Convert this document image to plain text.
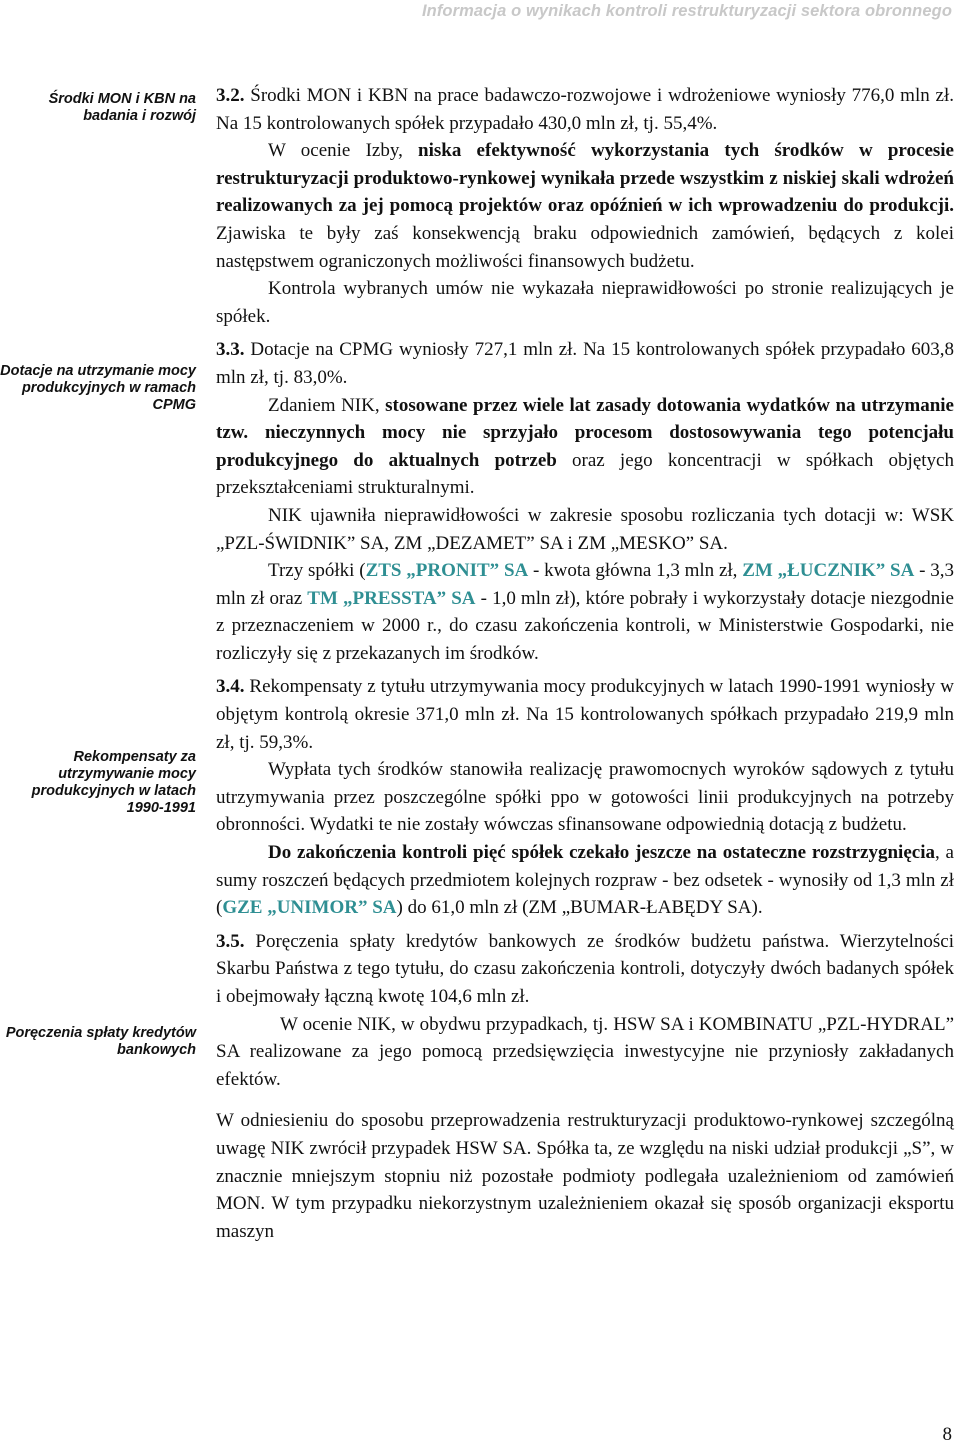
Informacja o wynikach kontroli restrukturyzacji sektora obronnego
Środki MON i KBN na badania i rozwój
Dotacje na utrzymanie mocy produkcyjnych w ramach CPMG
Rekompensaty za utrzymywanie mocy produkcyjnych w latach 1990-1991
Poręczenia spłaty kredytów bankowych

3.2. Środki MON i KBN na prace badawczo-rozwojowe i wdrożeniowe wyniosły 776,0 mln zł. Na 15 kontrolowanych spółek przypadało 430,0 mln zł, tj. 55,4%.

W ocenie Izby, niska efektywność wykorzystania tych środków w procesie restrukturyzacji produktowo-rynkowej wynikała przede wszystkim z niskiej skali wdrożeń realizowanych za jej pomocą projektów oraz opóźnień w ich wprowadzeniu do produkcji. Zjawiska te były zaś konsekwencją braku odpowiednich zamówień, będących z kolei następstwem ograniczonych możliwości finansowych budżetu.

Kontrola wybranych umów nie wykazała nieprawidłowości po stronie realizujących je spółek.

3.3. Dotacje na CPMG wyniosły 727,1 mln zł. Na 15 kontrolowanych spółek przypadało 603,8 mln zł, tj. 83,0%.

Zdaniem NIK, stosowane przez wiele lat zasady dotowania wydatków na utrzymanie tzw. nieczynnych mocy nie sprzyjało procesom dostosowywania tego potencjału produkcyjnego do aktualnych potrzeb oraz jego koncentracji w spółkach objętych przekształceniami strukturalnymi.

NIK ujawniła nieprawidłowości w zakresie sposobu rozliczania tych dotacji w: WSK „PZL-ŚWIDNIK” SA, ZM „DEZAMET” SA i ZM „MESKO” SA.

Trzy spółki (ZTS „PRONIT” SA - kwota główna 1,3 mln zł, ZM „ŁUCZNIK” SA - 3,3 mln zł oraz TM „PRESSTA” SA - 1,0 mln zł), które pobrały i wykorzystały dotacje niezgodnie z przeznaczeniem w 2000 r., do czasu zakończenia kontroli, w Ministerstwie Gospodarki, nie rozliczyły się z przekazanych im środków.

3.4. Rekompensaty z tytułu utrzymywania mocy produkcyjnych w latach 1990-1991 wyniosły w objętym kontrolą okresie 371,0 mln zł. Na 15 kontrolowanych spółkach przypadało 219,9 mln zł, tj. 59,3%.

Wypłata tych środków stanowiła realizację prawomocnych wyroków sądowych z tytułu utrzymywania przez poszczególne spółki ppo w gotowości linii produkcyjnych na potrzeby obronności. Wydatki te nie zostały wówczas sfinansowane odpowiednią dotacją z budżetu.

Do zakończenia kontroli pięć spółek czekało jeszcze na ostateczne rozstrzygnięcia, a sumy roszczeń będących przedmiotem kolejnych rozpraw - bez odsetek - wynosiły od 1,3 mln zł (GZE „UNIMOR” SA) do 61,0 mln zł (ZM „BUMAR-ŁABĘDY SA).

3.5. Poręczenia spłaty kredytów bankowych ze środków budżetu państwa. Wierzytelności Skarbu Państwa z tego tytułu, do czasu zakończenia kontroli, dotyczyły dwóch badanych spółek i obejmowały łączną kwotę 104,6 mln zł.

W ocenie NIK, w obydwu przypadkach, tj. HSW SA i KOMBINATU „PZL-HYDRAL” SA realizowane za jego pomocą przedsięwzięcia inwestycyjne nie przyniosły zakładanych efektów.

W odniesieniu do sposobu przeprowadzenia restrukturyzacji produktowo-rynkowej szczególną uwagę NIK zwrócił przypadek HSW SA. Spółka ta, ze względu na niski udział produkcji „S”, w znacznie mniejszym stopniu niż pozostałe podmioty podlegała uzależnieniom od zamówień MON. W tym przypadku niekorzystnym uzależnieniem okazał się sposób organizacji eksportu maszyn

8
